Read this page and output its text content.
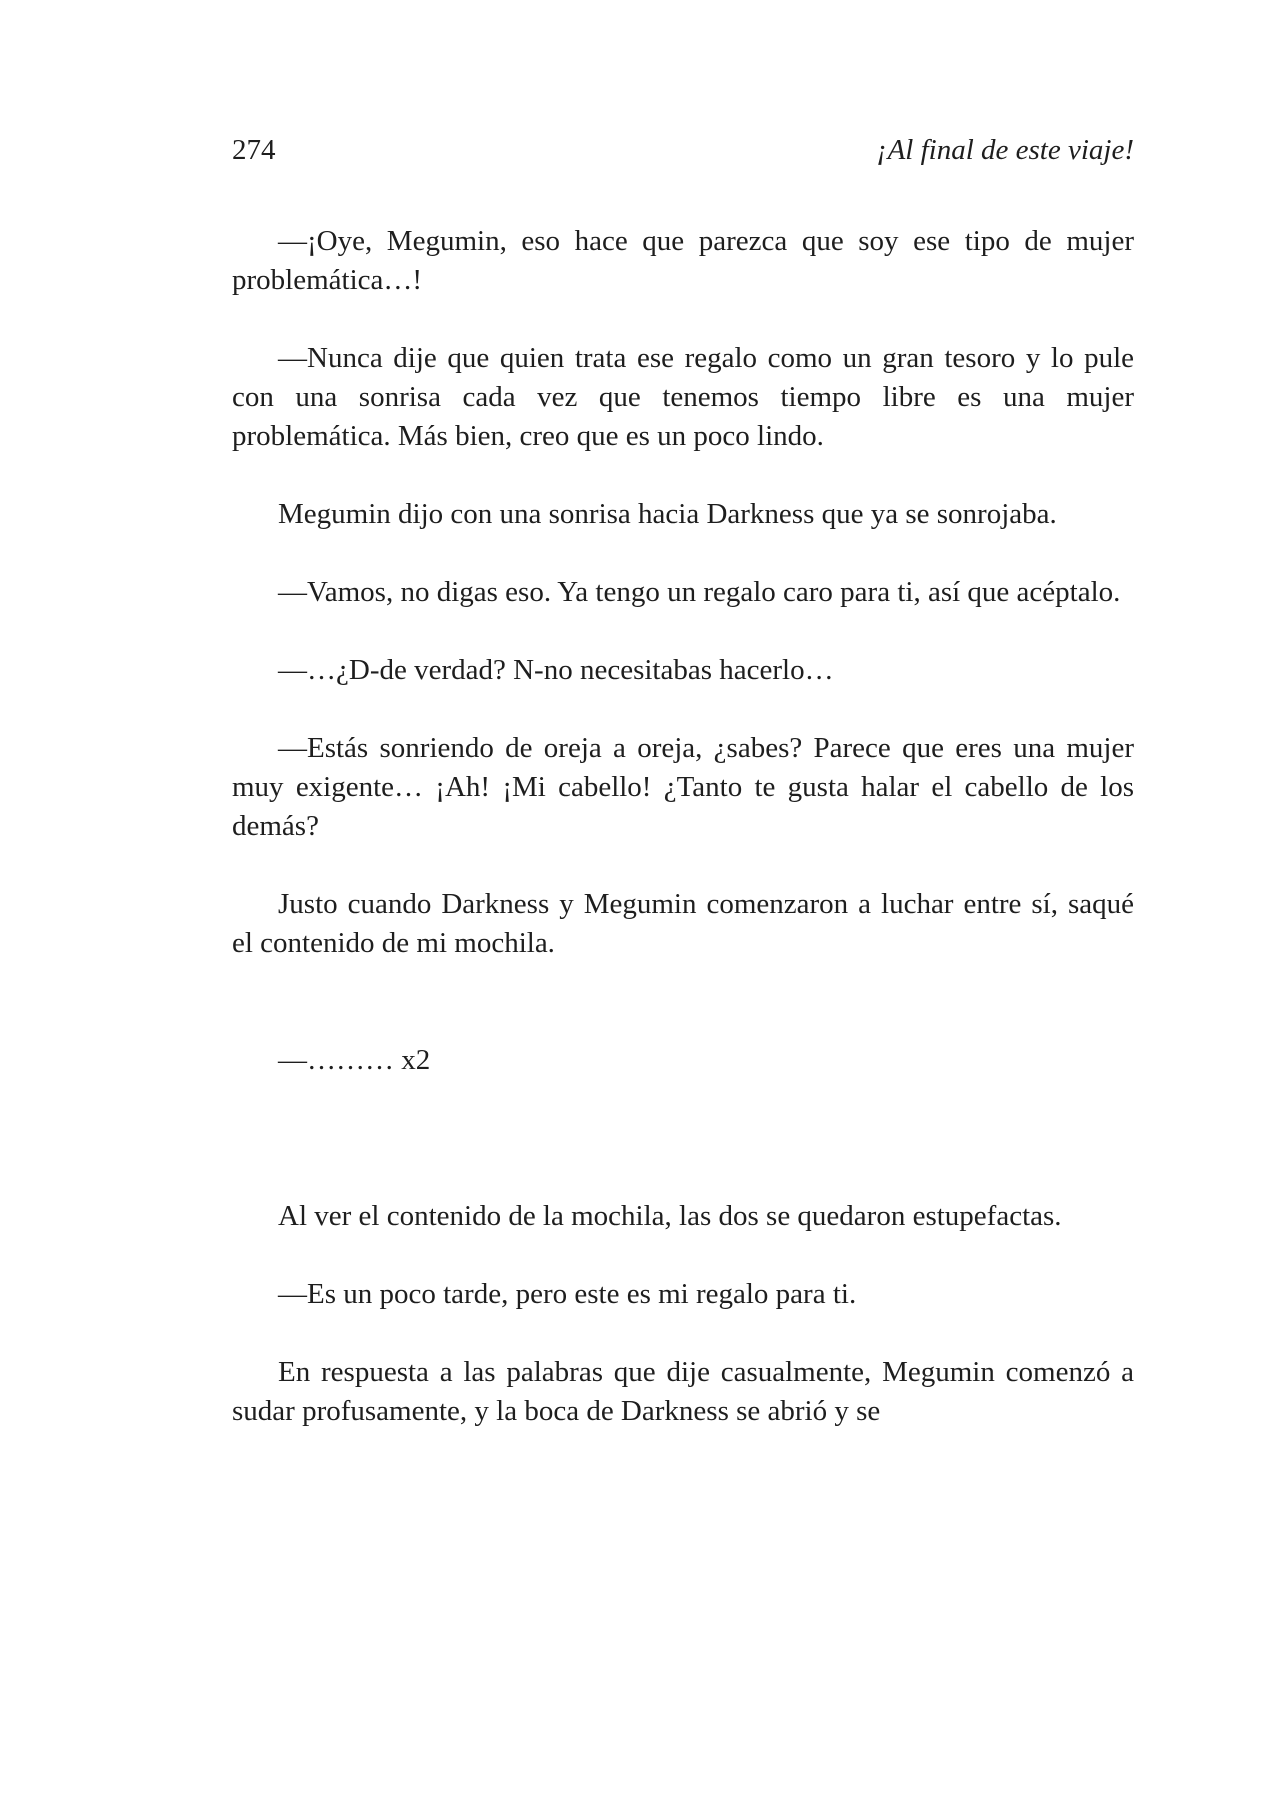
274	¡Al final de este viaje!

—¡Oye, Megumin, eso hace que parezca que soy ese tipo de mujer problemática…!

—Nunca dije que quien trata ese regalo como un gran tesoro y lo pule con una sonrisa cada vez que tenemos tiempo libre es una mujer problemática. Más bien, creo que es un poco lindo.

Megumin dijo con una sonrisa hacia Darkness que ya se sonrojaba.

—Vamos, no digas eso. Ya tengo un regalo caro para ti, así que acéptalo.

—…¿D-de verdad? N-no necesitabas hacerlo…

—Estás sonriendo de oreja a oreja, ¿sabes? Parece que eres una mujer muy exigente… ¡Ah! ¡Mi cabello! ¿Tanto te gusta halar el cabello de los demás?

Justo cuando Darkness y Megumin comenzaron a luchar entre sí, saqué el contenido de mi mochila.

—……… x2

Al ver el contenido de la mochila, las dos se quedaron estupefactas.

—Es un poco tarde, pero este es mi regalo para ti.

En respuesta a las palabras que dije casualmente, Megumin comenzó a sudar profusamente, y la boca de Darkness se abrió y se
